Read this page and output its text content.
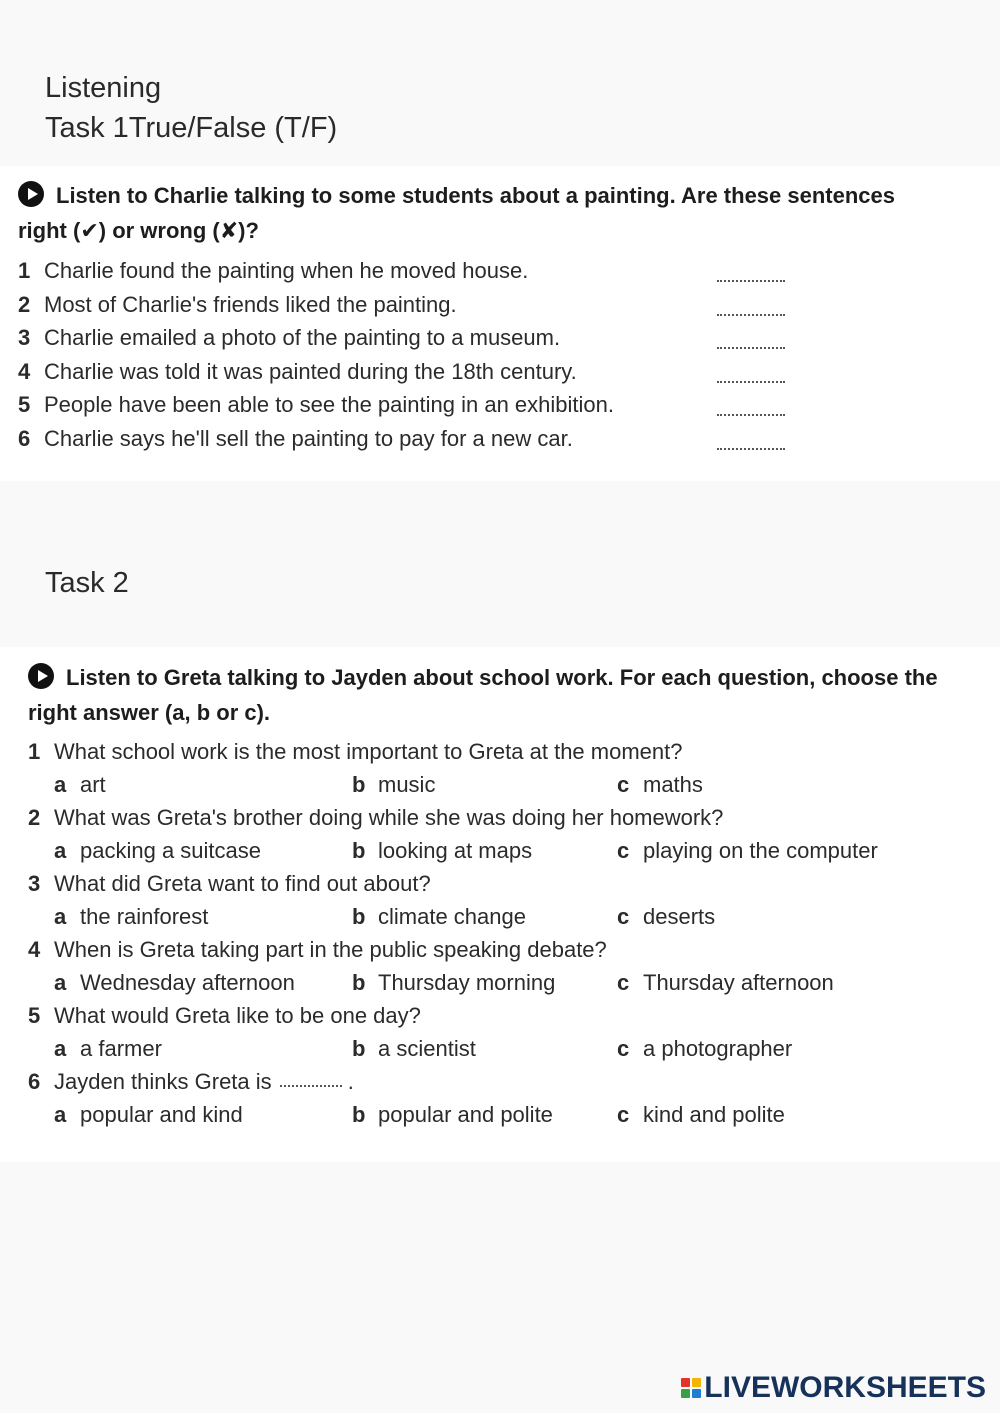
Listening
Task 1True/False (T/F)
Listen to Charlie talking to some students about a painting. Are these sentences
right (✔) or wrong (✘)?
1 Charlie found the painting when he moved house.
2 Most of Charlie's friends liked the painting.
3 Charlie emailed a photo of the painting to a museum.
4 Charlie was told it was painted during the 18th century.
5 People have been able to see the painting in an exhibition.
6 Charlie says he'll sell the painting to pay for a new car.
Task 2
Listen to Greta talking to Jayden about school work. For each question, choose the
right answer (a, b or c).
1 What school work is the most important to Greta at the moment?
a art	b music	c maths
2 What was Greta's brother doing while she was doing her homework?
a packing a suitcase	b looking at maps	c playing on the computer
3 What did Greta want to find out about?
a the rainforest	b climate change	c deserts
4 When is Greta taking part in the public speaking debate?
a Wednesday afternoon	b Thursday morning	c Thursday afternoon
5 What would Greta like to be one day?
a a farmer	b a scientist	c a photographer
6 Jayden thinks Greta is	.
a popular and kind	b popular and polite	c kind and polite
LIVEWORKSHEETS
